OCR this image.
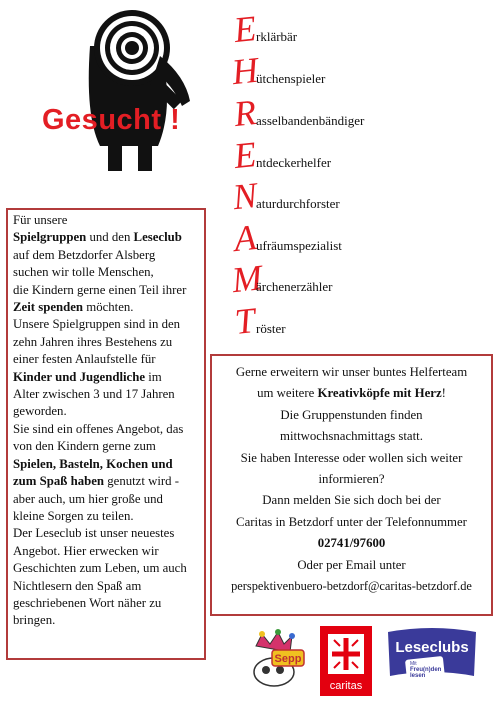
Gesucht !
Erklärbär
Hütchenspieler
Rasselbandenbändiger
Entdeckerhelfer
Naturdurchforster
Aufräumspezialist
Märchenerzähler
Tröster

Für unsere

Spielgruppen und den Leseclub

auf dem Betzdorfer Alsberg

suchen wir tolle Menschen,

die Kindern gerne einen Teil ihrer

Zeit spenden möchten.

Unsere Spielgruppen sind in den

zehn Jahren ihres Bestehens zu

einer festen Anlaufstelle für

Kinder und Jugendliche im

Alter zwischen 3 und 17 Jahren

geworden.

Sie sind ein offenes Angebot, das

von den Kindern gerne zum

Spielen, Basteln, Kochen und

zum Spaß haben genutzt wird -

aber auch, um hier große und

kleine Sorgen zu teilen.

Der Leseclub ist unser neuestes

Angebot. Hier erwecken wir

Geschichten zum Leben, um auch

Nichtlesern den Spaß am

geschriebenen Wort näher zu

bringen.

Gerne erweitern wir unser buntes Helferteam

um weitere Kreativköpfe mit Herz!

Die Gruppenstunden finden

mittwochsnachmittags statt.

Sie haben Interesse oder wollen sich weiter

informieren?

Dann melden Sie sich doch bei der

Caritas in Betzdorf unter der Telefonnummer

02741/97600

Oder per Email unter

perspektivenbuero-betzdorf@caritas-betzdorf.de

Sepp
caritas
Leseclubs
Mit
Freu(n)den
lesen
